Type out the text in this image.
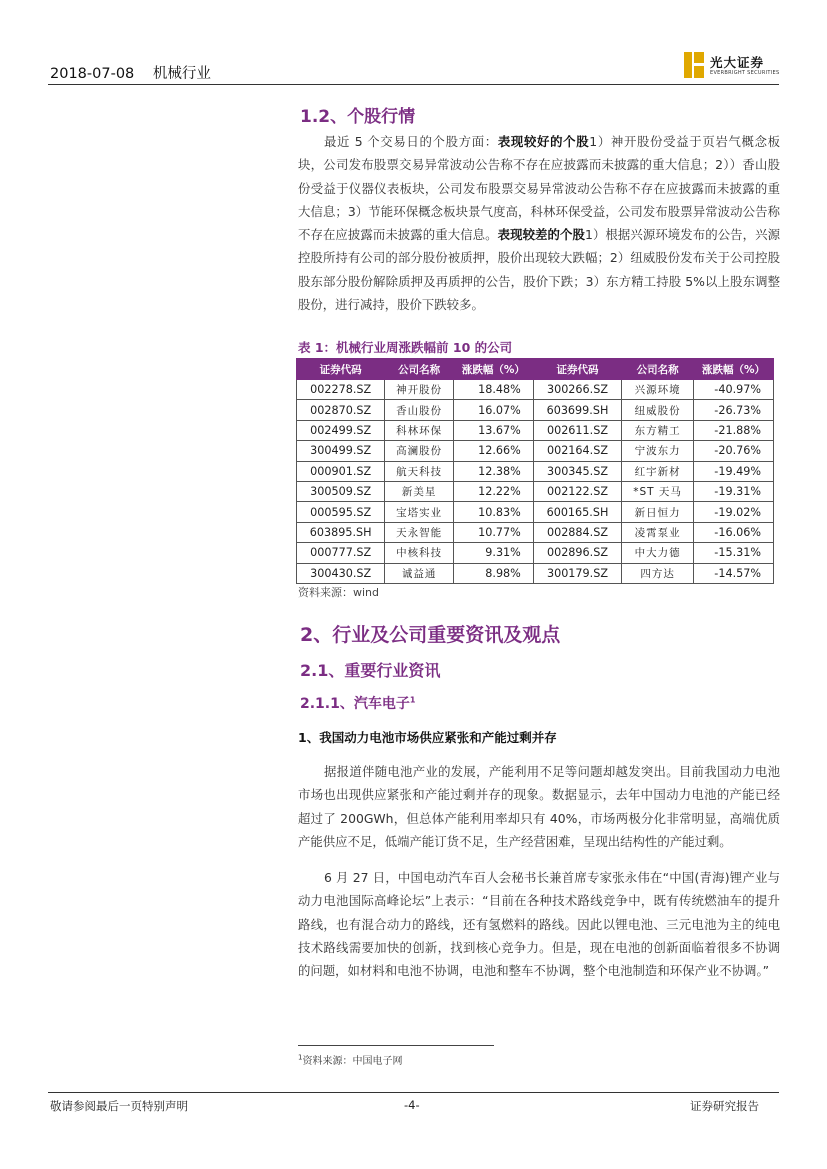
2018-07-08 机械行业
光大证券
EVERBRIGHT SECURITIES
1.2、个股行情
最近 5 个交易日的个股方面：表现较好的个股1）神开股份受益于页岩气概念板块，公司发布股票交易异常波动公告称不存在应披露而未披露的重大信息；2））香山股份受益于仪器仪表板块，公司发布股票交易异常波动公告称不存在应披露而未披露的重大信息；3）节能环保概念板块景气度高，科林环保受益，公司发布股票异常波动公告称不存在应披露而未披露的重大信息。表现较差的个股1）根据兴源环境发布的公告，兴源控股所持有公司的部分股份被质押，股价出现较大跌幅；2）纽威股份发布关于公司控股股东部分股份解除质押及再质押的公告，股价下跌；3）东方精工持股 5%以上股东调整股份，进行减持，股价下跌较多。
表 1：机械行业周涨跌幅前 10 的公司
证券代码	公司名称	涨跌幅（%）	证券代码	公司名称	涨跌幅（%）
002278.SZ	神开股份	18.48%	300266.SZ	兴源环境	-40.97%
002870.SZ	香山股份	16.07%	603699.SH	纽威股份	-26.73%
002499.SZ	科林环保	13.67%	002611.SZ	东方精工	-21.88%
300499.SZ	高澜股份	12.66%	002164.SZ	宁波东力	-20.76%
000901.SZ	航天科技	12.38%	300345.SZ	红宇新材	-19.49%
300509.SZ	新美星	12.22%	002122.SZ	*ST 天马	-19.31%
000595.SZ	宝塔实业	10.83%	600165.SH	新日恒力	-19.02%
603895.SH	天永智能	10.77%	002884.SZ	凌霄泵业	-16.06%
000777.SZ	中核科技	9.31%	002896.SZ	中大力德	-15.31%
300430.SZ	诚益通	8.98%	300179.SZ	四方达	-14.57%
资料来源：wind
2、行业及公司重要资讯及观点
2.1、重要行业资讯
2.1.1、汽车电子$^1$
1、我国动力电池市场供应紧张和产能过剩并存
据报道伴随电池产业的发展，产能利用不足等问题却越发突出。目前我国动力电池市场也出现供应紧张和产能过剩并存的现象。数据显示，去年中国动力电池的产能已经超过了 200GWh，但总体产能利用率却只有 40%，市场两极分化非常明显，高端优质产能供应不足，低端产能订货不足，生产经营困难，呈现出结构性的产能过剩。
6 月 27 日，中国电动汽车百人会秘书长兼首席专家张永伟在“中国(青海)锂产业与动力电池国际高峰论坛”上表示：“目前在各种技术路线竞争中，既有传统燃油车的提升路线，也有混合动力的路线，还有氢燃料的路线。因此以锂电池、三元电池为主的纯电技术路线需要加快的创新，找到核心竞争力。但是，现在电池的创新面临着很多不协调的问题，如材料和电池不协调，电池和整车不协调，整个电池制造和环保产业不协调。”
$^1$资料来源：中国电子网
敬请参阅最后一页特别声明	-4-	证券研究报告
